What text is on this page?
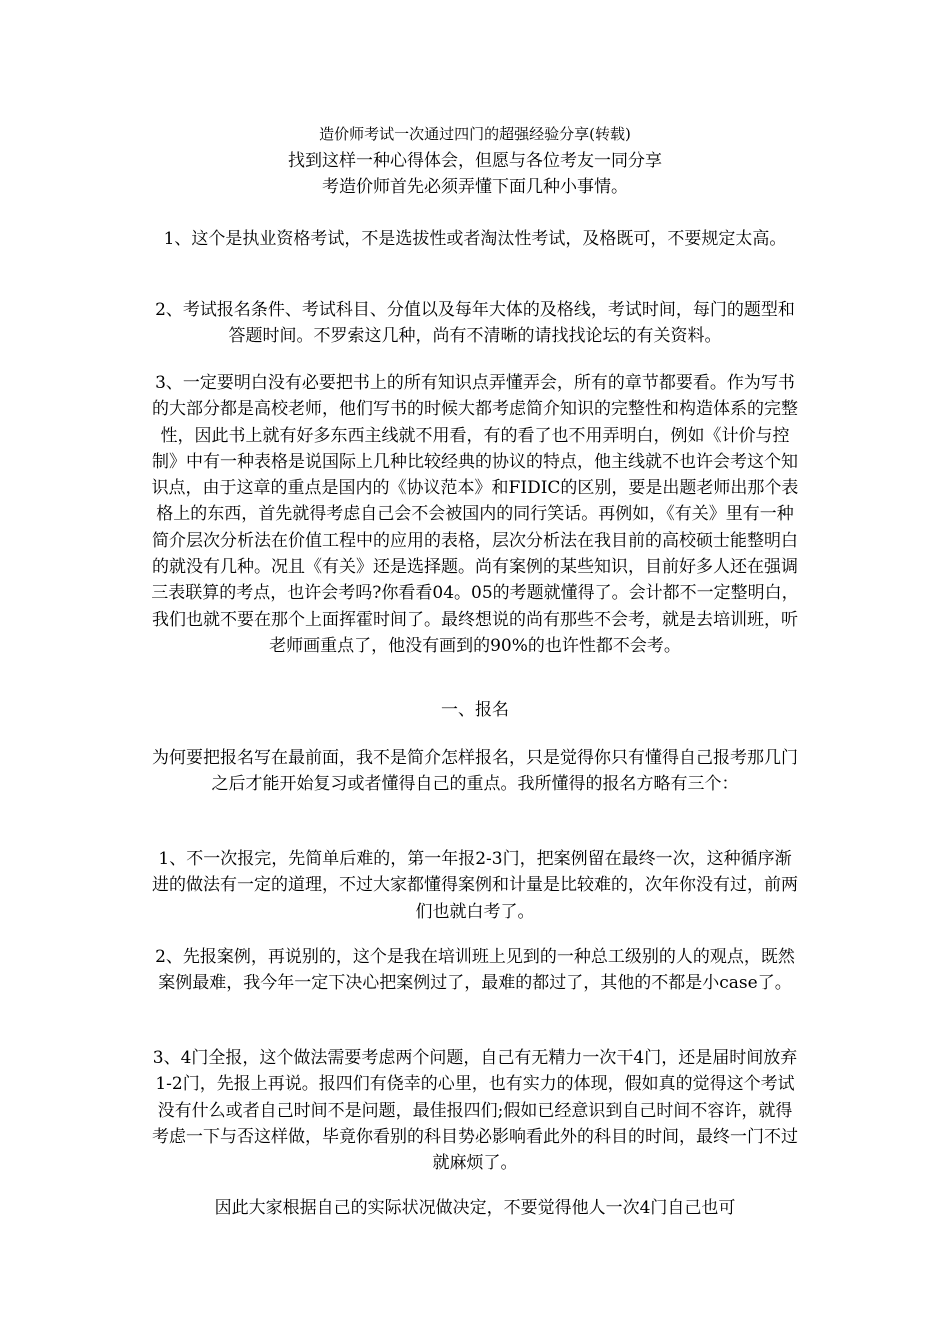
造价师考试一次通过四门的超强经验分享(转载)
找到这样一种心得体会，但愿与各位考友一同分享
考造价师首先必须弄懂下面几种小事情。

1、这个是执业资格考试，不是选拔性或者淘汰性考试，及格既可，不要规定太高。

2、考试报名条件、考试科目、分值以及每年大体的及格线，考试时间，每门的题型和答题时间。不罗索这几种，尚有不清晰的请找找论坛的有关资料。

3、一定要明白没有必要把书上的所有知识点弄懂弄会，所有的章节都要看。作为写书的大部分都是高校老师，他们写书的时候大都考虑简介知识的完整性和构造体系的完整性，因此书上就有好多东西主线就不用看，有的看了也不用弄明白，例如《计价与控制》中有一种表格是说国际上几种比较经典的协议的特点，他主线就不也许会考这个知识点，由于这章的重点是国内的《协议范本》和FIDIC的区别，要是出题老师出那个表格上的东西，首先就得考虑自己会不会被国内的同行笑话。再例如，《有关》里有一种简介层次分析法在价值工程中的应用的表格，层次分析法在我目前的高校硕士能整明白的就没有几种。况且《有关》还是选择题。尚有案例的某些知识，目前好多人还在强调三表联算的考点，也许会考吗?你看看04。05的考题就懂得了。会计都不一定整明白，我们也就不要在那个上面挥霍时间了。最终想说的尚有那些不会考，就是去培训班，听老师画重点了，他没有画到的90%的也许性都不会考。

一、报名

为何要把报名写在最前面，我不是简介怎样报名，只是觉得你只有懂得自己报考那几门之后才能开始复习或者懂得自己的重点。我所懂得的报名方略有三个：

1、不一次报完，先简单后难的，第一年报2-3门，把案例留在最终一次，这种循序渐进的做法有一定的道理，不过大家都懂得案例和计量是比较难的，次年你没有过，前两们也就白考了。

2、先报案例，再说别的，这个是我在培训班上见到的一种总工级别的人的观点，既然案例最难，我今年一定下决心把案例过了，最难的都过了，其他的不都是小case了。

3、4门全报，这个做法需要考虑两个问题，自己有无精力一次干4门，还是届时间放弃1-2门，先报上再说。报四们有侥幸的心里，也有实力的体现，假如真的觉得这个考试没有什么或者自己时间不是问题，最佳报四们;假如已经意识到自己时间不容许，就得考虑一下与否这样做，毕竟你看别的科目势必影响看此外的科目的时间，最终一门不过就麻烦了。

因此大家根据自己的实际状况做决定，不要觉得他人一次4门自己也可
